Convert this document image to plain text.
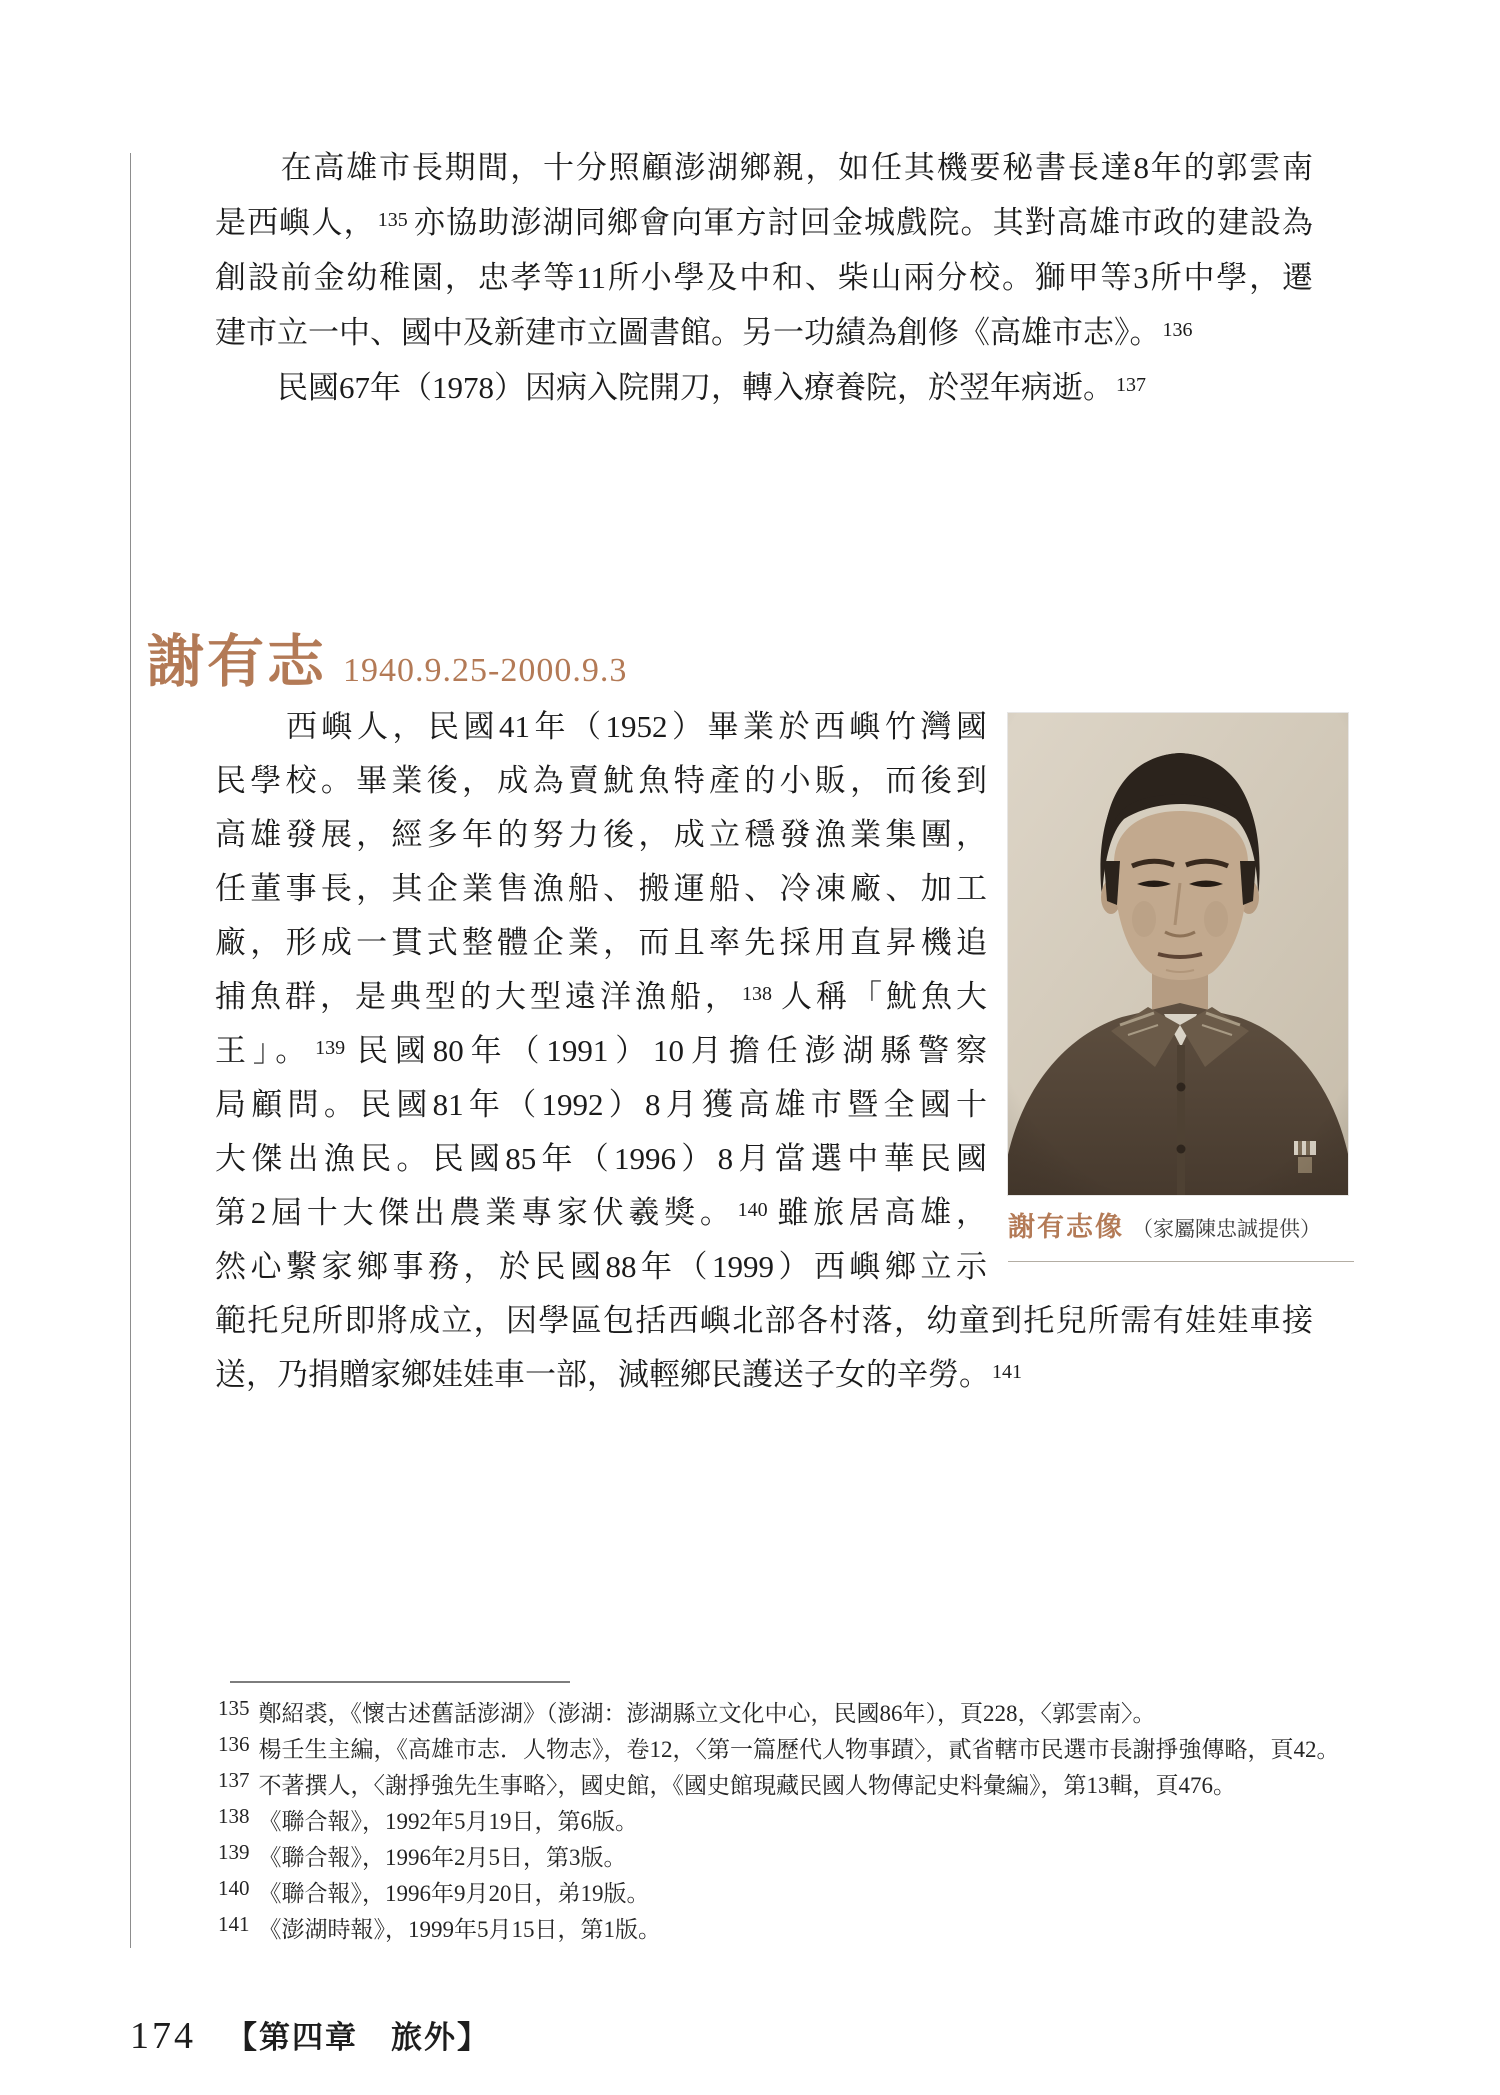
　　在高雄市長期間，十分照顧澎湖鄉親，如任其機要秘書長達8年的郭雲南
是西嶼人， $^{135}$ 亦協助澎湖同鄉會向軍方討回金城戲院。其對高雄市政的建設為
創設前金幼稚園，忠孝等11所小學及中和、柴山兩分校。獅甲等3所中學，遷
建市立一中、國中及新建市立圖書館。另一功績為創修《高雄市志》。 $^{136}$
　　民國67年（1978）因病入院開刀，轉入療養院，於翌年病逝。 $^{137}$
謝有志 1940.9.25-2000.9.3
　　西嶼人，民國41年（1952）畢業於西嶼竹灣國
民學校。畢業後，成為賣魷魚特產的小販，而後到
高雄發展，經多年的努力後，成立穩發漁業集團，
任董事長，其企業售漁船、搬運船、冷凍廠、加工
廠，形成一貫式整體企業，而且率先採用直昇機追
捕魚群，是典型的大型遠洋漁船， $^{138}$ 人稱「魷魚大
王」。 $^{139}$ 民國80年（1991）10月擔任澎湖縣警察
局顧問。民國81年（1992）8月獲高雄市暨全國十
大傑出漁民。民國85年（1996）8月當選中華民國
第2屆十大傑出農業專家伏羲獎。 $^{140}$ 雖旅居高雄，
然心繫家鄉事務，於民國88年（1999）西嶼鄉立示
範托兒所即將成立，因學區包括西嶼北部各村落，幼童到托兒所需有娃娃車接
送，乃捐贈家鄉娃娃車一部，減輕鄉民護送子女的辛勞。 $^{141}$
謝有志像 （家屬陳忠誠提供）
$^{135}$ 鄭紹裘，《懷古述舊話澎湖》（澎湖：澎湖縣立文化中心，民國86年），頁228，〈郭雲南〉。
$^{136}$ 楊壬生主編，《高雄市志．人物志》，卷12，〈第一篇歷代人物事蹟〉，貳省轄市民選市長謝掙強傳略，頁42。
$^{137}$ 不著撰人，〈謝掙強先生事略〉，國史館，《國史館現藏民國人物傳記史料彙編》，第13輯，頁476。
$^{138}$ 《聯合報》，1992年5月19日，第6版。
$^{139}$ 《聯合報》，1996年2月5日，第3版。
$^{140}$ 《聯合報》，1996年9月20日，弟19版。
$^{141}$ 《澎湖時報》，1999年5月15日，第1版。
174 【第四章　旅外】
